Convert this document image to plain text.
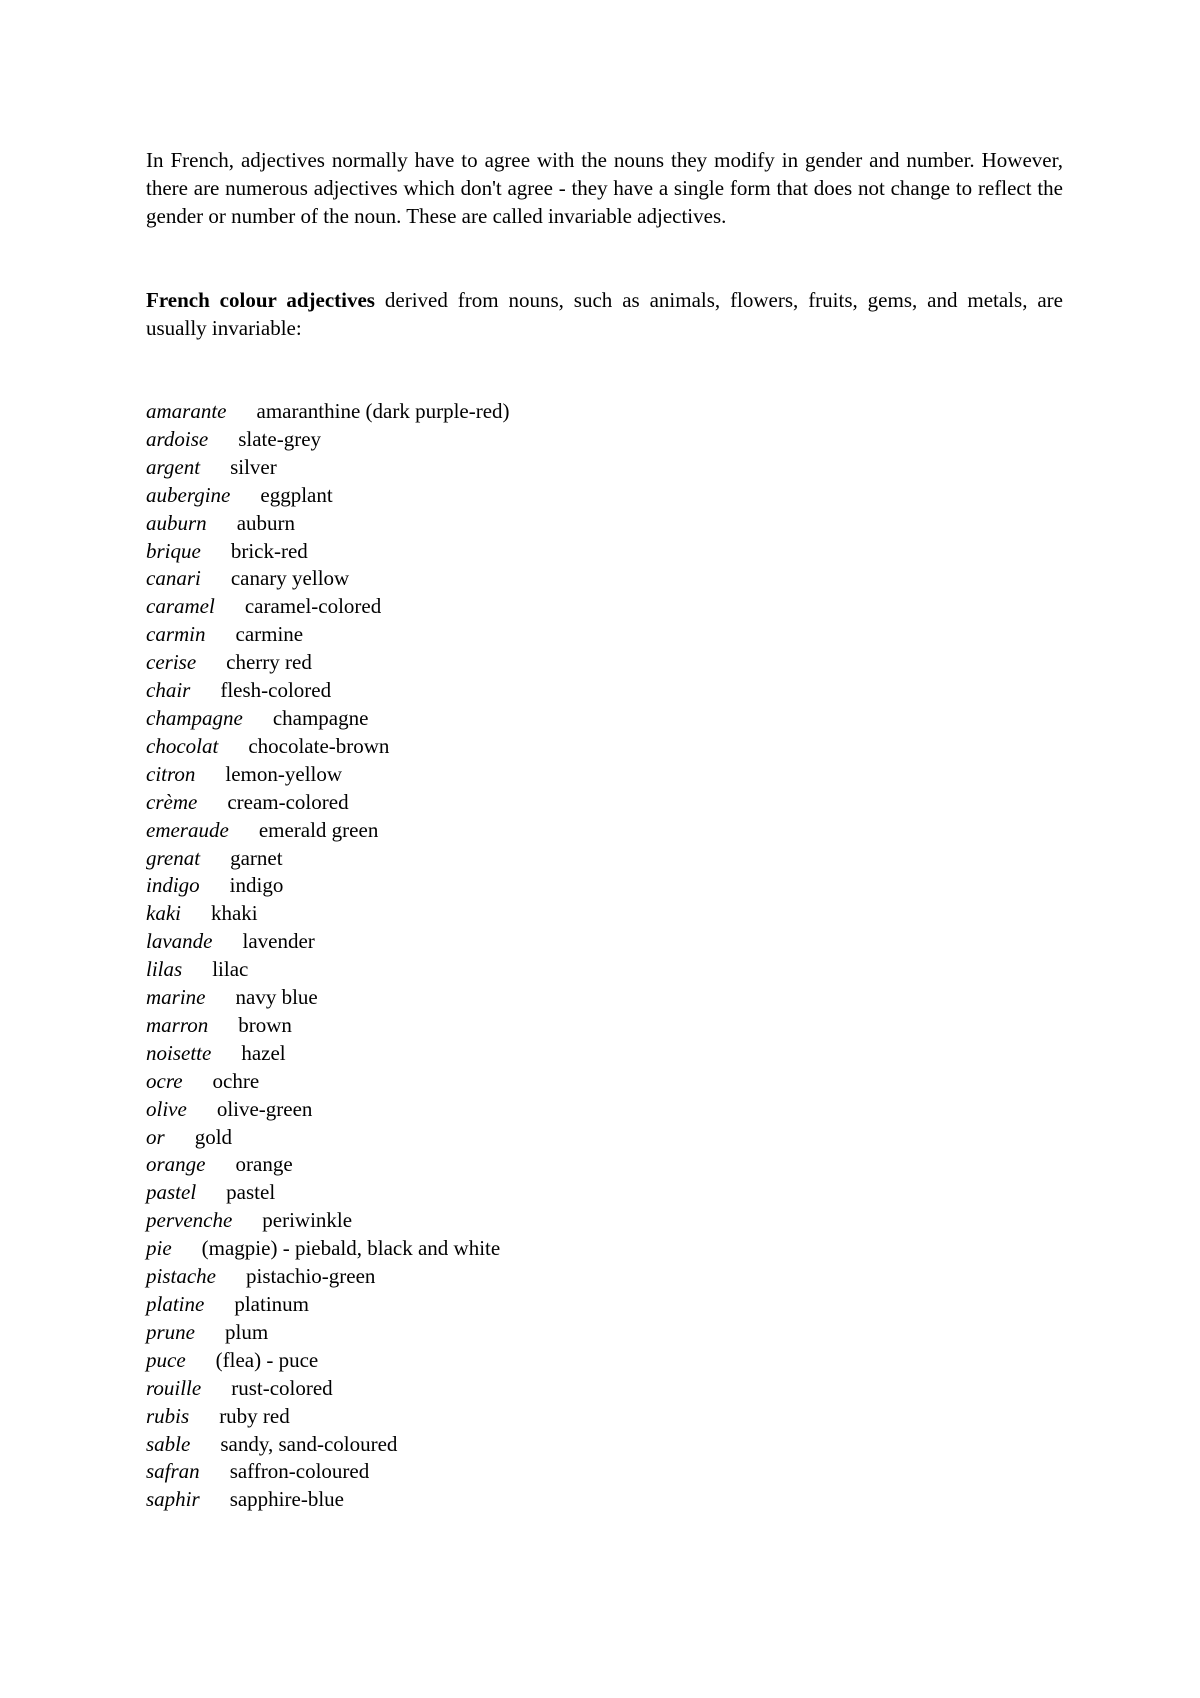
In French, adjectives normally have to agree with the nouns they modify in gender and number. However, there are numerous adjectives which don't agree - they have a single form that does not change to reflect the gender or number of the noun. These are called invariable adjectives.

French colour adjectives derived from nouns, such as animals, flowers, fruits, gems, and metals, are usually invariable:

amarante amaranthine (dark purple-red)
ardoise slate-grey
argent silver
aubergine eggplant
auburn auburn
brique brick-red
canari canary yellow
caramel caramel-colored
carmin carmine
cerise cherry red
chair flesh-colored
champagne champagne
chocolat chocolate-brown
citron lemon-yellow
crème cream-colored
emeraude emerald green
grenat garnet
indigo indigo
kaki khaki
lavande lavender
lilas lilac
marine navy blue
marron brown
noisette hazel
ocre ochre
olive olive-green
or gold
orange orange
pastel pastel
pervenche periwinkle
pie (magpie) - piebald, black and white
pistache pistachio-green
platine platinum
prune plum
puce (flea) - puce
rouille rust-colored
rubis ruby red
sable sandy, sand-coloured
safran saffron-coloured
saphir sapphire-blue
